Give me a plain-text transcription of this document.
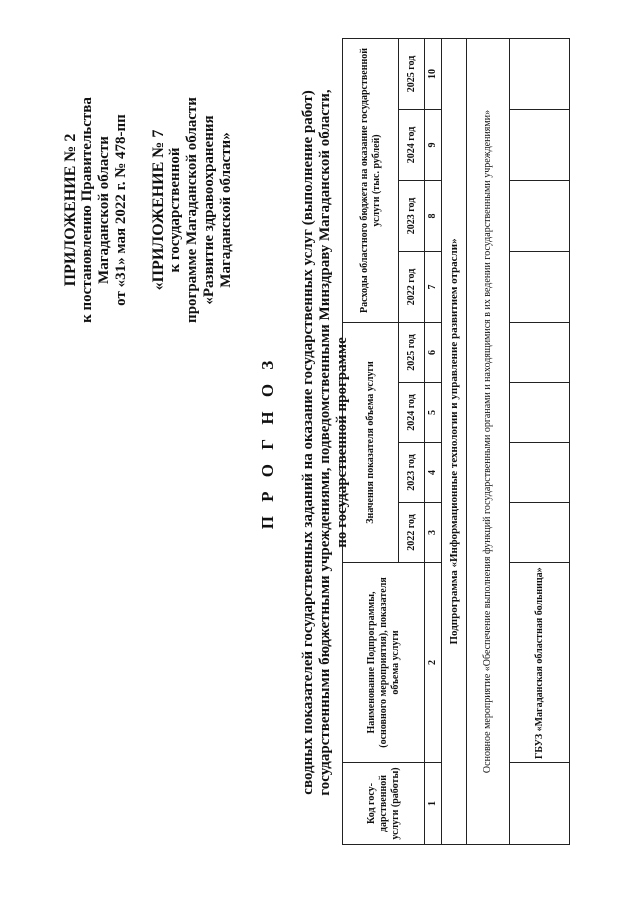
ПРИЛОЖЕНИЕ № 2 к постановлению Правительства Магаданской области от «31» мая 2022 г. № 478-пп «ПРИЛОЖЕНИЕ № 7 к государственной программе Магаданской области «Развитие здравоохранения Магаданской области»
П Р О Г Н О З сводных показателей государственных заданий на оказание государственных услуг (выполнение работ) государственными бюджетными учреждениями, подведомственными Минздраву Магаданской области, по государственной программе
Код госу-дарственной услуги (работы)	Наименование Подпрограммы, (основного мероприятия), показателя объема услуги	Значения показателя объема услуги				Расходы областного бюджета на оказание государственной услуги (тыс. рублей)			
		2022 год	2023 год	2024 год	2025 год	2022 год	2023 год	2024 год	2025 год
1	2	3	4	5	6	7	8	9	10
Подпрограмма «Информационные технологии и управление развитием отрасли»									
Основное мероприятие «Обеспечение выполнения функций государственными органами и находящимися в их ведении государственными учреждениями»									
	ГБУЗ «Магаданская областная больница»								
